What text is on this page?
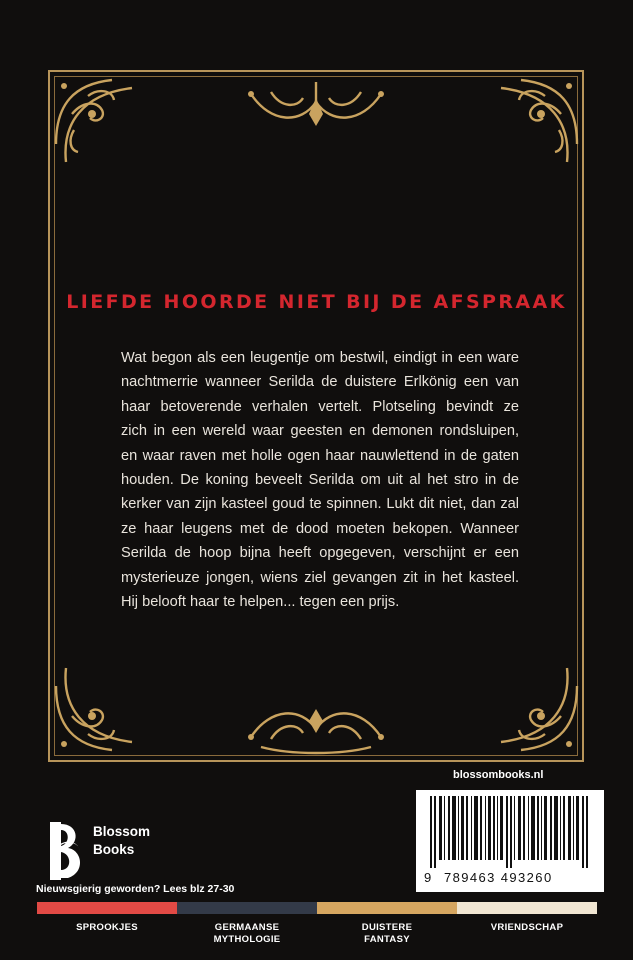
LIEFDE HOORDE NIET BIJ DE AFSPRAAK
Wat begon als een leugentje om bestwil, eindigt in een ware
nachtmerrie wanneer Serilda de duistere Erlkönig een van
haar betoverende verhalen vertelt. Plotseling bevindt ze
zich in een wereld waar geesten en demonen rondsluipen,
en waar raven met holle ogen haar nauwlettend in de gaten
houden. De koning beveelt Serilda om uit al het stro in de
kerker van zijn kasteel goud te spinnen. Lukt dit niet, dan zal
ze haar leugens met de dood moeten bekopen. Wanneer
Serilda de hoop bijna heeft opgegeven, verschijnt er een
mysterieuze jongen, wiens ziel gevangen zit in het kasteel.
Hij belooft haar te helpen... tegen een prijs.
blossombooks.nl
9 789463 493260
Blossom
Books
Nieuwsgierig geworden? Lees blz 27-30
SPROOKJES	GERMAANSE
MYTHOLOGIE
DUISTERE
FANTASY
VRIENDSCHAP
